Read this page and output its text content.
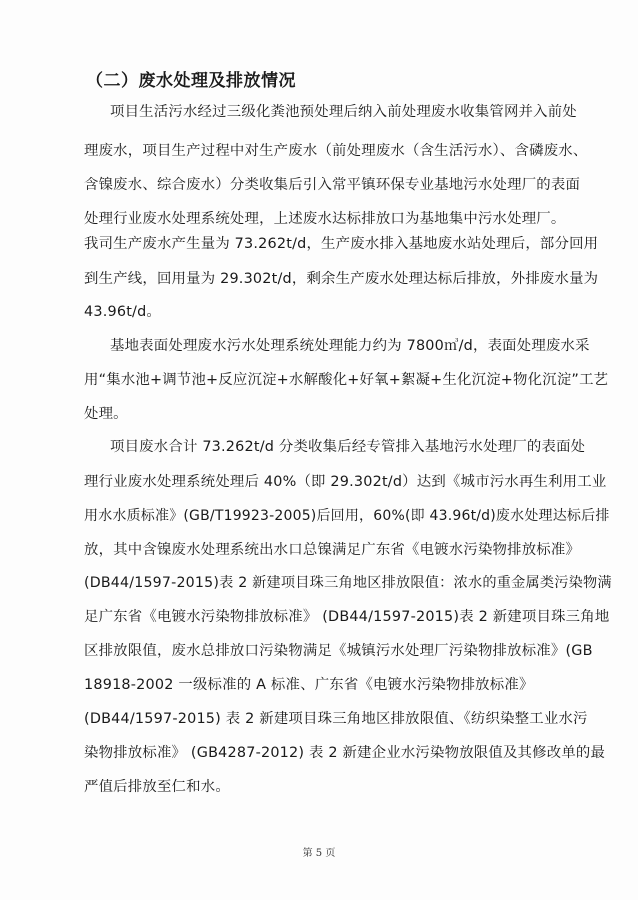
（二）废水处理及排放情况
项目生活污水经过三级化粪池预处理后纳入前处理废水收集管网并入前处
理废水，项目生产过程中对生产废水（前处理废水（含生活污水）、含磷废水、
含镍废水、综合废水）分类收集后引入常平镇环保专业基地污水处理厂的表面
处理行业废水处理系统处理，上述废水达标排放口为基地集中污水处理厂。
我司生产废水产生量为 73.262t/d，生产废水排入基地废水站处理后，部分回用
到生产线，回用量为 29.302t/d，剩余生产废水处理达标后排放，外排废水量为
43.96t/d。
基地表面处理废水污水处理系统处理能力约为 7800㎥/d，表面处理废水采
用“集水池+调节池+反应沉淀+水解酸化+好氧+絮凝+生化沉淀+物化沉淀”工艺
处理。
项目废水合计 73.262t/d 分类收集后经专管排入基地污水处理厂的表面处
理行业废水处理系统处理后 40%（即 29.302t/d）达到《城市污水再生利用工业
用水水质标准》(GB/T19923-2005)后回用，60%(即 43.96t/d)废水处理达标后排
放，其中含镍废水处理系统出水口总镍满足广东省《电镀水污染物排放标准》
(DB44/1597-2015)表 2 新建项目珠三角地区排放限值：浓水的重金属类污染物满
足广东省《电镀水污染物排放标准》 (DB44/1597-2015)表 2 新建项目珠三角地
区排放限值，废水总排放口污染物满足《城镇污水处理厂污染物排放标准》(GB
18918-2002 一级标准的 A 标准、广东省《电镀水污染物排放标准》
(DB44/1597-2015) 表 2 新建项目珠三角地区排放限值、《纺织染整工业水污
染物排放标准》 (GB4287-2012) 表 2 新建企业水污染物放限值及其修改单的最
严值后排放至仁和水。
第 5 页
